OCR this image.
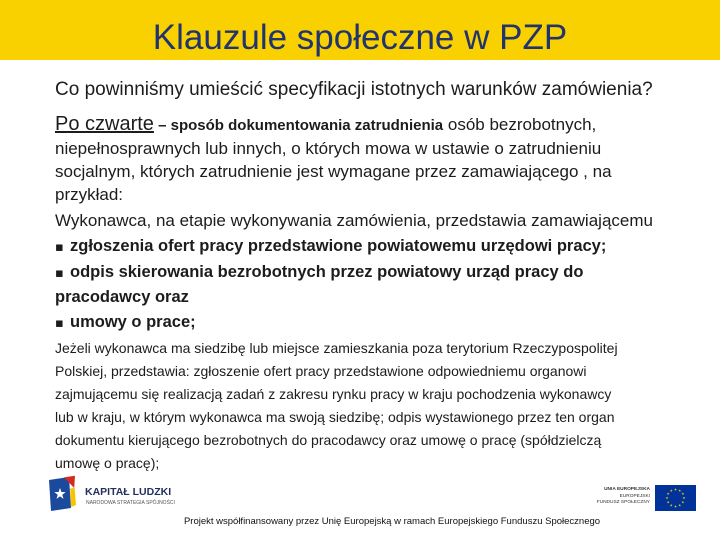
Klauzule społeczne w PZP
Co powinniśmy umieścić specyfikacji istotnych warunków zamówienia?
Po czwarte – sposób dokumentowania zatrudnienia osób bezrobotnych,
niepełnosprawnych lub innych, o których mowa w ustawie o zatrudnieniu
socjalnym, których zatrudnienie jest wymagane przez zamawiającego , na
przykład:
Wykonawca, na etapie wykonywania zamówienia, przedstawia zamawiającemu
▪ zgłoszenia ofert pracy przedstawione powiatowemu urzędowi pracy;
▪ odpis skierowania bezrobotnych przez powiatowy urząd pracy do
pracodawcy oraz
▪ umowy o prace;
Jeżeli wykonawca ma siedzibę lub miejsce zamieszkania poza terytorium Rzeczypospolitej
Polskiej, przedstawia: zgłoszenie ofert pracy przedstawione odpowiedniemu organowi
zajmującemu się realizacją zadań z zakresu rynku pracy w kraju pochodzenia wykonawcy
lub w kraju, w którym wykonawca ma swoją siedzibę; odpis wystawionego przez ten organ
dokumentu kierującego bezrobotnych do pracodawcy oraz umowę o pracę (spółdzielczą
umowę o pracę);
KAPITAŁ LUDZKI
NARODOWA STRATEGIA SPÓJNOŚCI
UNIA EUROPEJSKA
EUROPEJSKI
FUNDUSZ SPOŁECZNY
Projekt współfinansowany przez Unię Europejską w ramach Europejskiego Funduszu Społecznego
